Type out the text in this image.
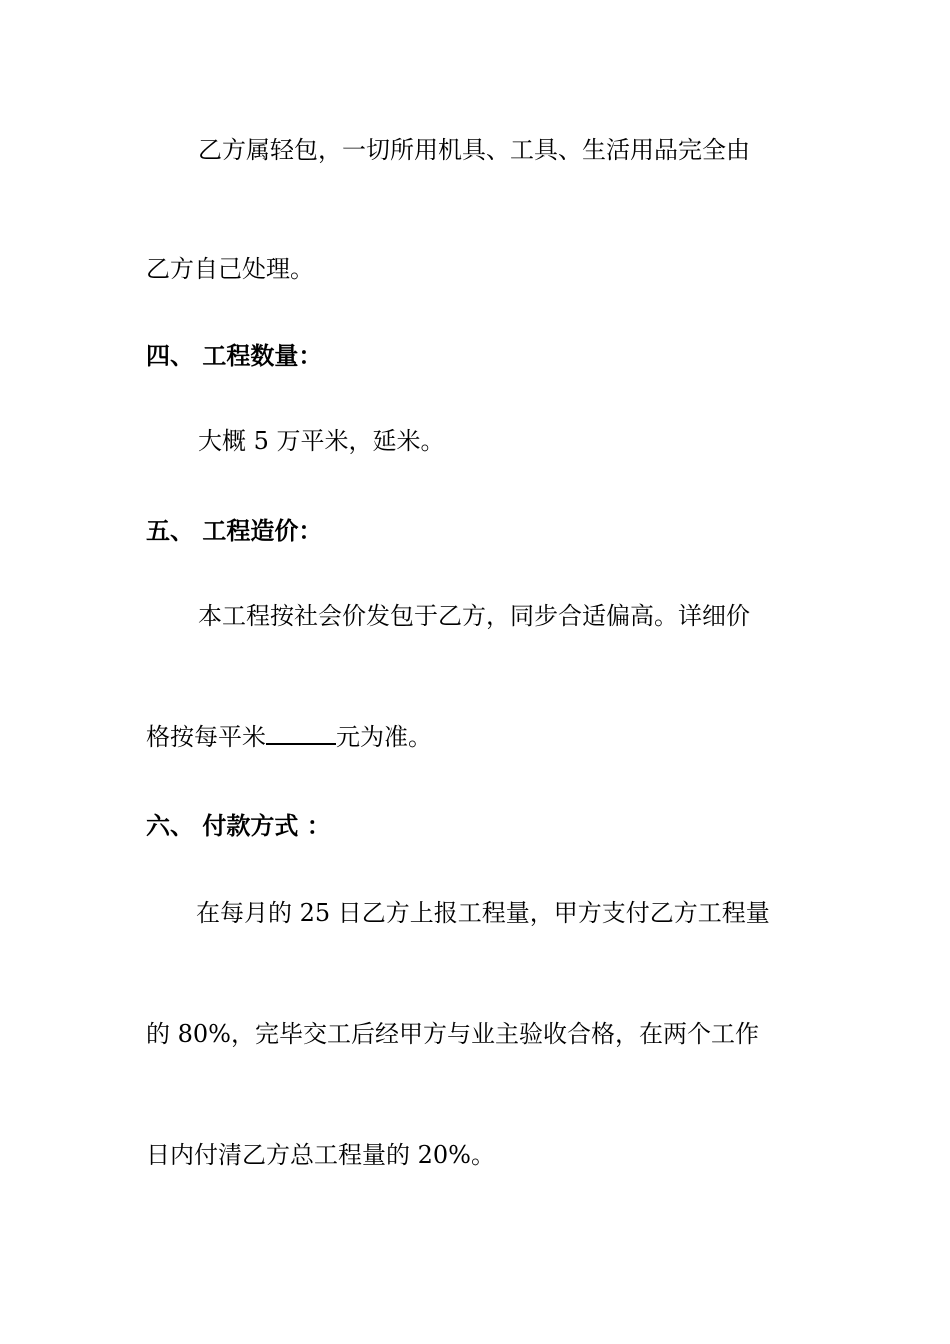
乙方属轻包，一切所用机具、工具、生活用品完全由
乙方自己处理。
四、 工程数量：
大概 5 万平米，延米。
五、 工程造价：
本工程按社会价发包于乙方，同步合适偏高。详细价
格按每平米	元为准。
六、 付款方式 ：
在每月的 25 日乙方上报工程量，甲方支付乙方工程量
的 80%，完毕交工后经甲方与业主验收合格，在两个工作
日内付清乙方总工程量的 20%。
